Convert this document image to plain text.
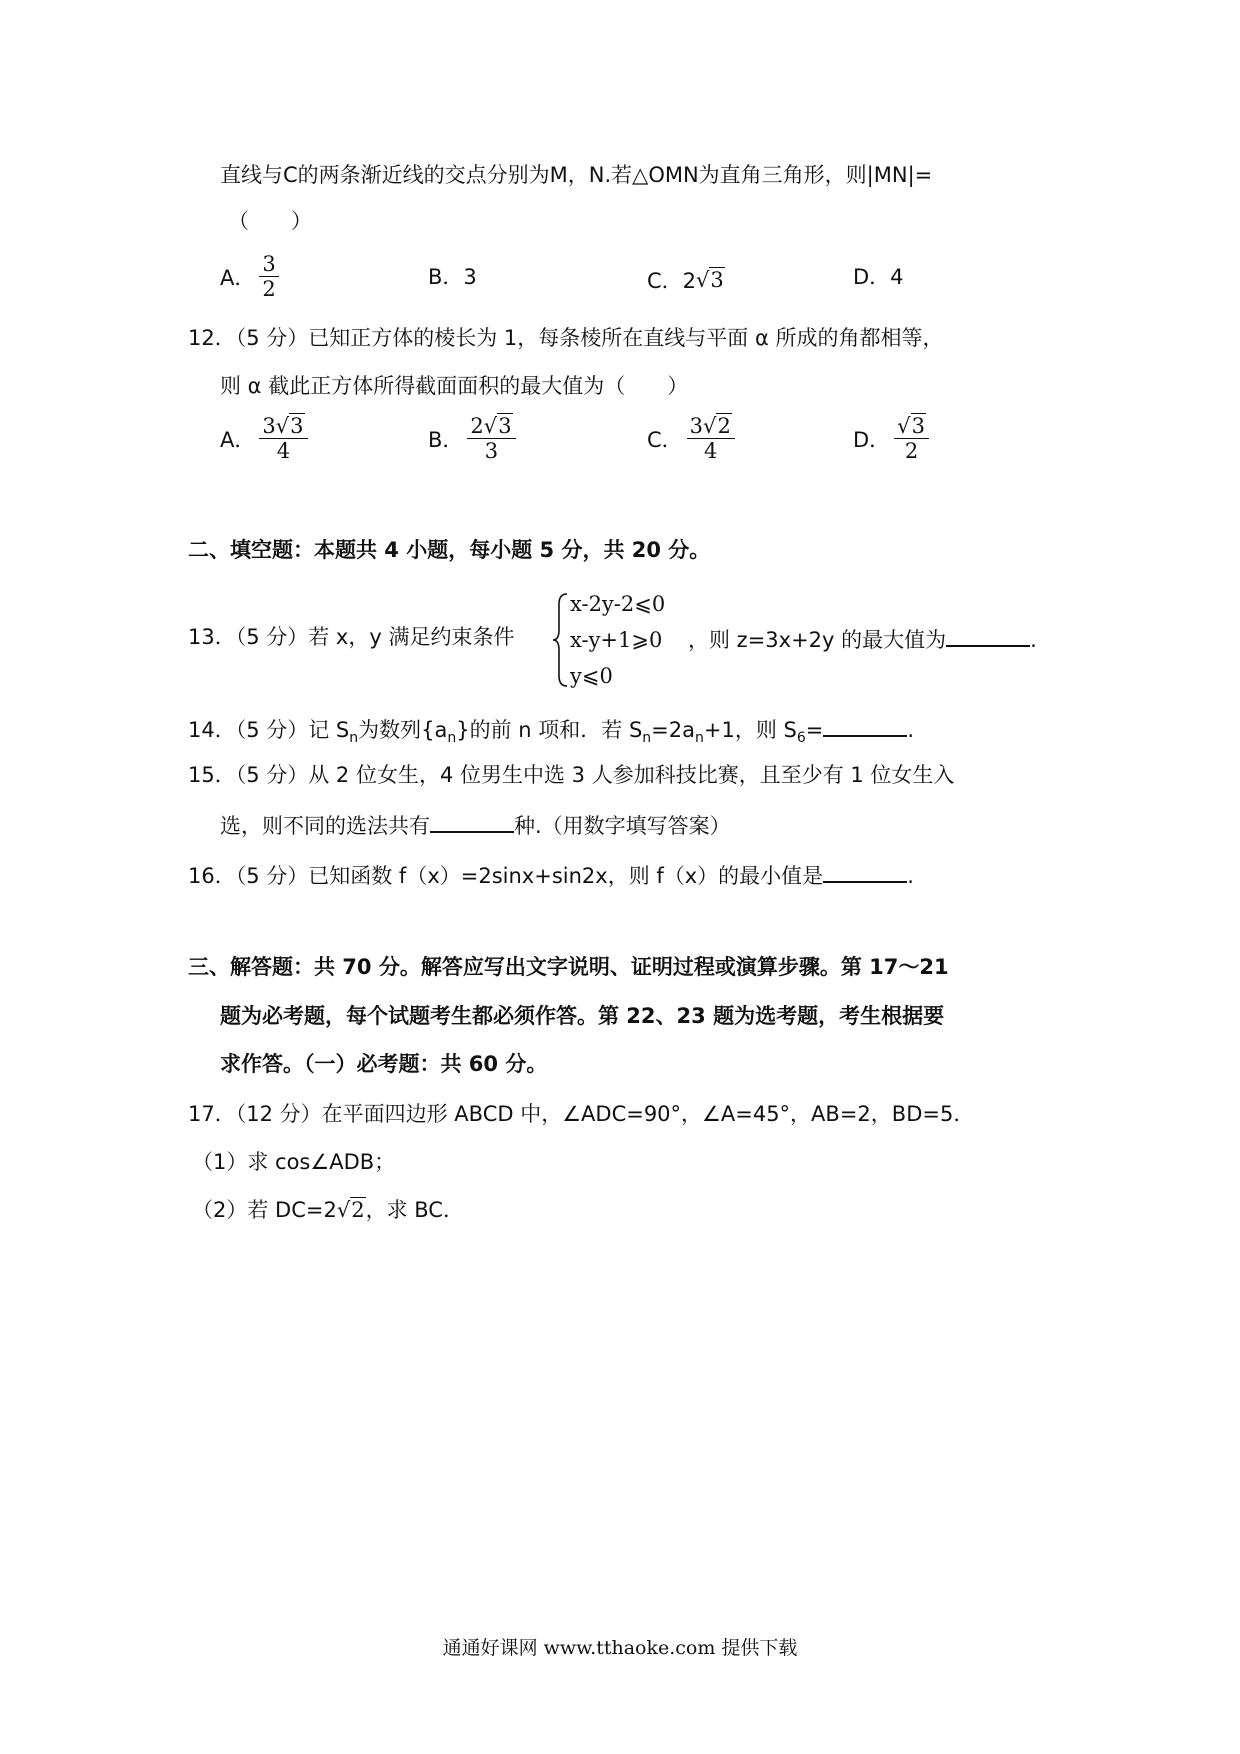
直线与C的两条渐近线的交点分别为M，N.若△OMN为直角三角形，则|MN|=
（　　）
A． $\frac{3}{2}$	B．3	C．2 √3	D．4
12．（5 分）已知正方体的棱长为 1，每条棱所在直线与平面 α 所成的角都相等，
则 α 截此正方体所得截面面积的最大值为（　　）
A． $\frac{3√3}{4}$	B． $\frac{2√3}{3}$	C． $\frac{3√2}{4}$	D． $\frac{√3}{2}$
二、填空题：本题共 4 小题，每小题 5 分，共 20 分。
13．（5 分）若 x，y 满足约束条件
x-2y-2⩽0
x-y+1⩾0
y⩽0
，则 z=3x+2y 的最大值为	.
14．（5 分）记 $S_n$为数列$\{a_n\}$的前 n 项和．若 $S_n=2a_n+1$，则 $S_6=$	.
15．（5 分）从 2 位女生，4 位男生中选 3 人参加科技比赛，且至少有 1 位女生入
选，则不同的选法共有	种.（用数字填写答案）
16．（5 分）已知函数 f（x）=2sinx+sin2x，则 f（x）的最小值是	.
三、解答题：共 70 分。解答应写出文字说明、证明过程或演算步骤。第 17～21
题为必考题，每个试题考生都必须作答。第 22、23 题为选考题，考生根据要
求作答。（一）必考题：共 60 分。
17．（12 分）在平面四边形 ABCD 中，∠ADC=90°，∠A=45°，AB=2，BD=5．
（1）求 cos∠ADB；
（2）若 DC=2√2，求 BC．
通通好课网 www.tthaoke.com 提供下载
